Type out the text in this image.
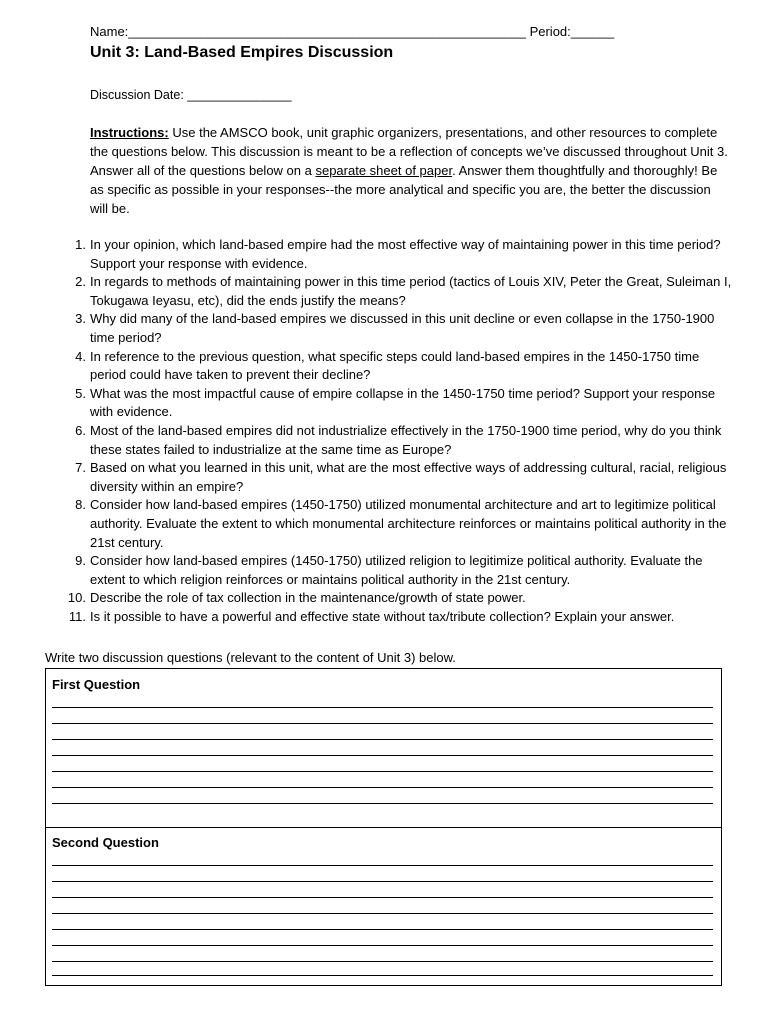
Name:_______________________________________________________ Period:______
Unit 3: Land-Based Empires Discussion
Discussion Date: _______________
Instructions: Use the AMSCO book, unit graphic organizers, presentations, and other resources to complete the questions below. This discussion is meant to be a reflection of concepts we’ve discussed throughout Unit 3. Answer all of the questions below on a separate sheet of paper. Answer them thoughtfully and thoroughly! Be as specific as possible in your responses--the more analytical and specific you are, the better the discussion will be.
1. In your opinion, which land-based empire had the most effective way of maintaining power in this time period? Support your response with evidence.
2. In regards to methods of maintaining power in this time period (tactics of Louis XIV, Peter the Great, Suleiman I, Tokugawa Ieyasu, etc), did the ends justify the means?
3. Why did many of the land-based empires we discussed in this unit decline or even collapse in the 1750-1900 time period?
4. In reference to the previous question, what specific steps could land-based empires in the 1450-1750 time period could have taken to prevent their decline?
5. What was the most impactful cause of empire collapse in the 1450-1750 time period? Support your response with evidence.
6. Most of the land-based empires did not industrialize effectively in the 1750-1900 time period, why do you think these states failed to industrialize at the same time as Europe?
7. Based on what you learned in this unit, what are the most effective ways of addressing cultural, racial, religious diversity within an empire?
8. Consider how land-based empires (1450-1750) utilized monumental architecture and art to legitimize political authority. Evaluate the extent to which monumental architecture reinforces or maintains political authority in the 21st century.
9. Consider how land-based empires (1450-1750) utilized religion to legitimize political authority. Evaluate the extent to which religion reinforces or maintains political authority in the 21st century.
10. Describe the role of tax collection in the maintenance/growth of state power.
11. Is it possible to have a powerful and effective state without tax/tribute collection? Explain your answer.
Write two discussion questions (relevant to the content of Unit 3) below.
First Question
Second Question
